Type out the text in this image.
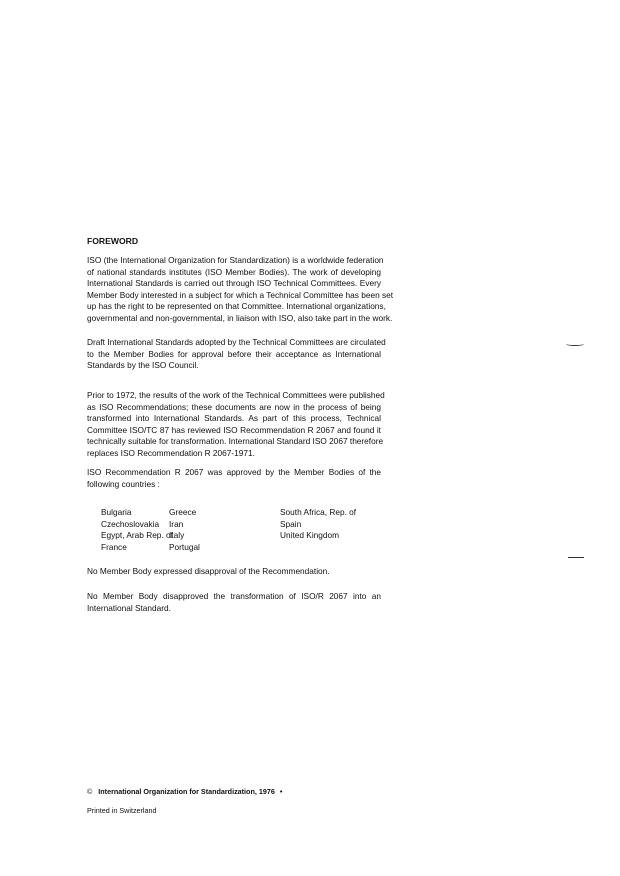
FOREWORD
ISO (the International Organization for Standardization) is a worldwide federation
of national standards institutes (ISO Member Bodies). The work of developing
International Standards is carried out through ISO Technical Committees. Every
Member Body interested in a subject for which a Technical Committee has been set
up has the right to be represented on that Committee. International organizations,
governmental and non-governmental, in liaison with ISO, also take part in the work.
Draft International Standards adopted by the Technical Committees are circulated
to the Member Bodies for approval before their acceptance as International
Standards by the ISO Council.
Prior to 1972, the results of the work of the Technical Committees were published
as ISO Recommendations; these documents are now in the process of being
transformed into International Standards. As part of this process, Technical
Committee ISO/TC 87 has reviewed ISO Recommendation R 2067 and found it
technically suitable for transformation. International Standard ISO 2067 therefore
replaces ISO Recommendation R 2067-1971.
ISO Recommendation R 2067 was approved by the Member Bodies of the
following countries :
Bulgaria
Czechoslovakia
Egypt, Arab Rep. of
France
Greece
Iran
Italy
Portugal
South Africa, Rep. of
Spain
United Kingdom
No Member Body expressed disapproval of the Recommendation.
No Member Body disapproved the transformation of ISO/R 2067 into an
International Standard.
© International Organization for Standardization, 1976 •
Printed in Switzerland
